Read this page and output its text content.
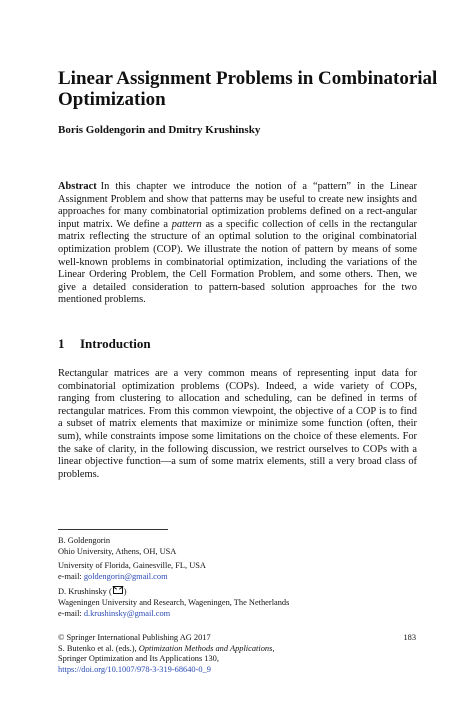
Linear Assignment Problems in Combinatorial
Optimization

Boris Goldengorin and Dmitry Krushinsky

Abstract In this chapter we introduce the notion of a “pattern” in the Linear Assignment Problem and show that patterns may be useful to create new insights and approaches for many combinatorial optimization problems defined on a rect-angular input matrix. We define a pattern as a specific collection of cells in the rectangular matrix reflecting the structure of an optimal solution to the original combinatorial optimization problem (COP). We illustrate the notion of pattern by means of some well-known problems in combinatorial optimization, including the variations of the Linear Ordering Problem, the Cell Formation Problem, and some others. Then, we give a detailed consideration to pattern-based solution approaches for the two mentioned problems.

1 Introduction

Rectangular matrices are a very common means of representing input data for combinatorial optimization problems (COPs). Indeed, a wide variety of COPs, ranging from clustering to allocation and scheduling, can be defined in terms of rectangular matrices. From this common viewpoint, the objective of a COP is to find a subset of matrix elements that maximize or minimize some function (often, their sum), while constraints impose some limitations on the choice of these elements. For the sake of clarity, in the following discussion, we restrict ourselves to COPs with a linear objective function—a sum of some matrix elements, still a very broad class of problems.

B. Goldengorin
Ohio University, Athens, OH, USA
University of Florida, Gainesville, FL, USA
e-mail: goldengorin@gmail.com
D. Krushinsky ( )
Wageningen University and Research, Wageningen, The Netherlands
e-mail: d.krushinsky@gmail.com
© Springer International Publishing AG 2017
S. Butenko et al. (eds.), Optimization Methods and Applications,
Springer Optimization and Its Applications 130,
https://doi.org/10.1007/978-3-319-68640-0_9
183
